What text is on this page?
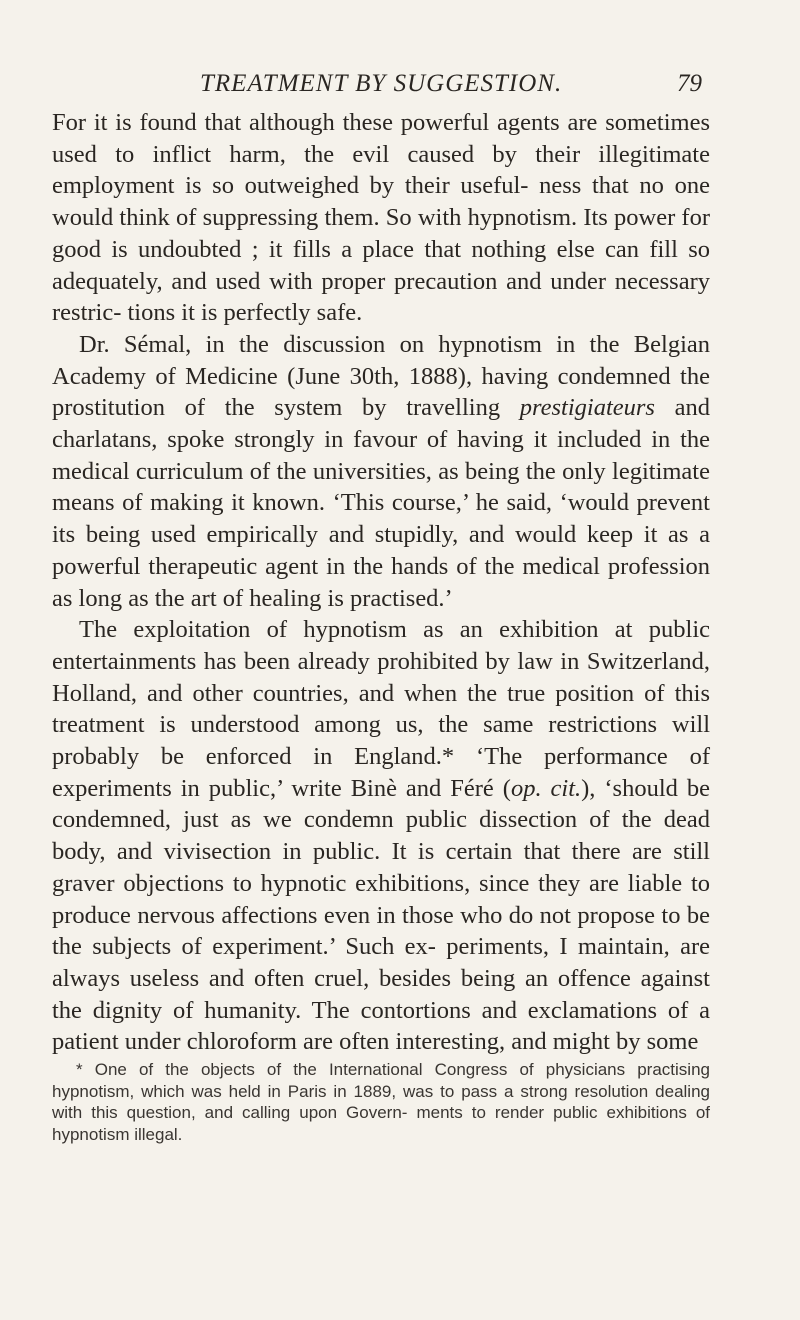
TREATMENT BY SUGGESTION.	79

For it is found that although these powerful agents are sometimes used to inflict harm, the evil caused by their illegitimate employment is so outweighed by their useful- ness that no one would think of suppressing them. So with hypnotism. Its power for good is undoubted ; it fills a place that nothing else can fill so adequately, and used with proper precaution and under necessary restric- tions it is perfectly safe.

Dr. Sémal, in the discussion on hypnotism in the Belgian Academy of Medicine (June 30th, 1888), having condemned the prostitution of the system by travelling prestigiateurs and charlatans, spoke strongly in favour of having it included in the medical curriculum of the universities, as being the only legitimate means of making it known. ‘This course,’ he said, ‘would prevent its being used empirically and stupidly, and would keep it as a powerful therapeutic agent in the hands of the medical profession as long as the art of healing is practised.’

The exploitation of hypnotism as an exhibition at public entertainments has been already prohibited by law in Switzerland, Holland, and other countries, and when the true position of this treatment is understood among us, the same restrictions will probably be enforced in England.* ‘The performance of experiments in public,’ write Binè and Féré (op. cit.), ‘should be condemned, just as we condemn public dissection of the dead body, and vivisection in public. It is certain that there are still graver objections to hypnotic exhibitions, since they are liable to produce nervous affections even in those who do not propose to be the subjects of experiment.’ Such ex- periments, I maintain, are always useless and often cruel, besides being an offence against the dignity of humanity. The contortions and exclamations of a patient under chloroform are often interesting, and might by some

* One of the objects of the International Congress of physicians practising hypnotism, which was held in Paris in 1889, was to pass a strong resolution dealing with this question, and calling upon Govern- ments to render public exhibitions of hypnotism illegal.
